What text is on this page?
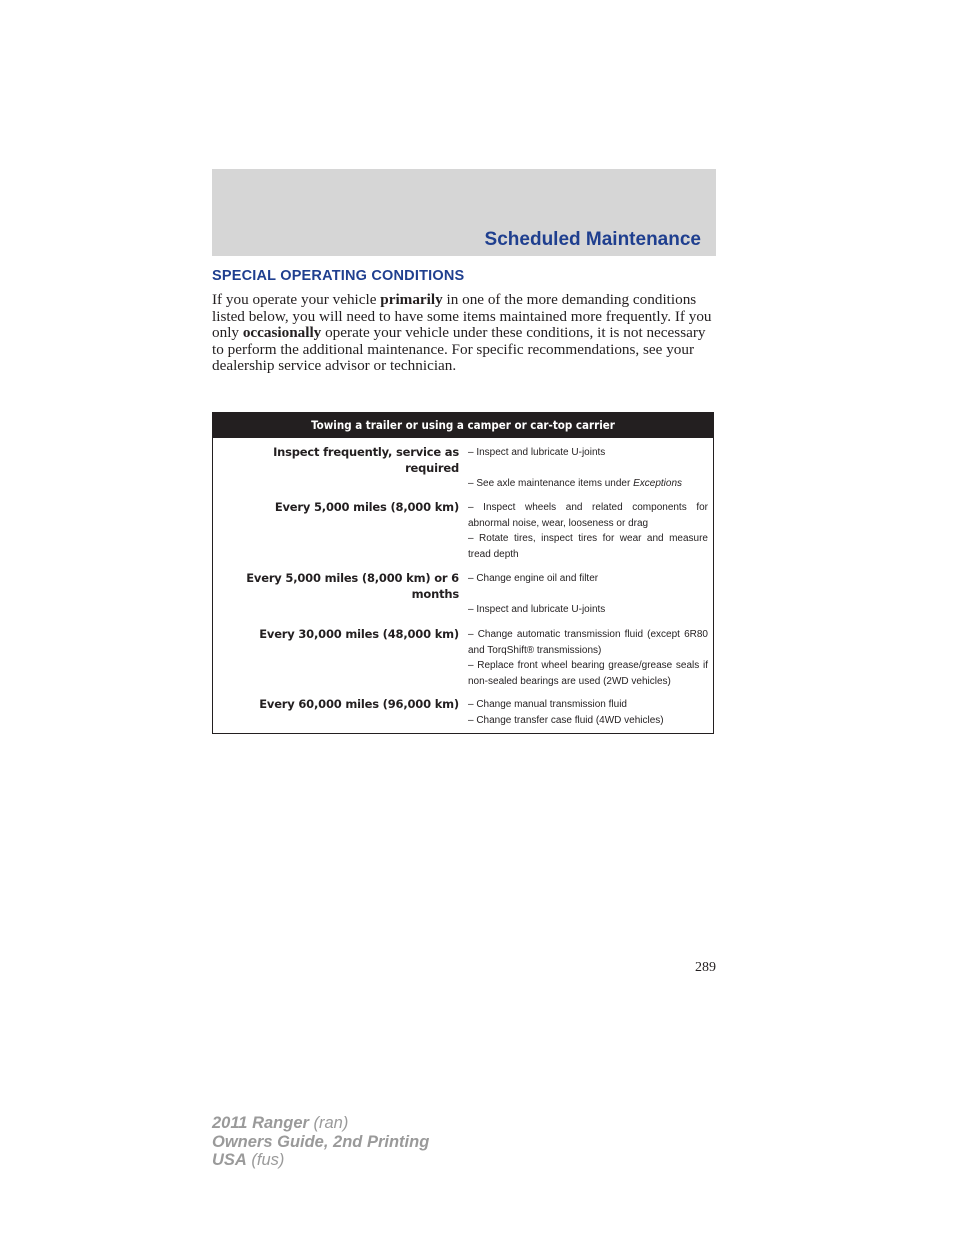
Scheduled Maintenance
SPECIAL OPERATING CONDITIONS

If you operate your vehicle primarily in one of the more demanding conditions listed below, you will need to have some items maintained more frequently. If you only occasionally operate your vehicle under these conditions, it is not necessary to perform the additional maintenance. For specific recommendations, see your dealership service advisor or technician.

Towing a trailer or using a camper or car-top carrier
Inspect frequently, service as required
– Inspect and lubricate U-joints
– See axle maintenance items under Exceptions
Every 5,000 miles (8,000 km) – Inspect wheels and related components for abnormal noise, wear, looseness or drag
– Rotate tires, inspect tires for wear and measure tread depth
Every 5,000 miles (8,000 km) or 6 months
– Change engine oil and filter
– Inspect and lubricate U-joints
Every 30,000 miles (48,000 km) – Change automatic transmission fluid (except 6R80 and TorqShift® transmissions)
– Replace front wheel bearing grease/grease seals if non-sealed bearings are used (2WD vehicles)
Every 60,000 miles (96,000 km) – Change manual transmission fluid
– Change transfer case fluid (4WD vehicles)
289
2011 Ranger (ran)
Owners Guide, 2nd Printing
USA (fus)
